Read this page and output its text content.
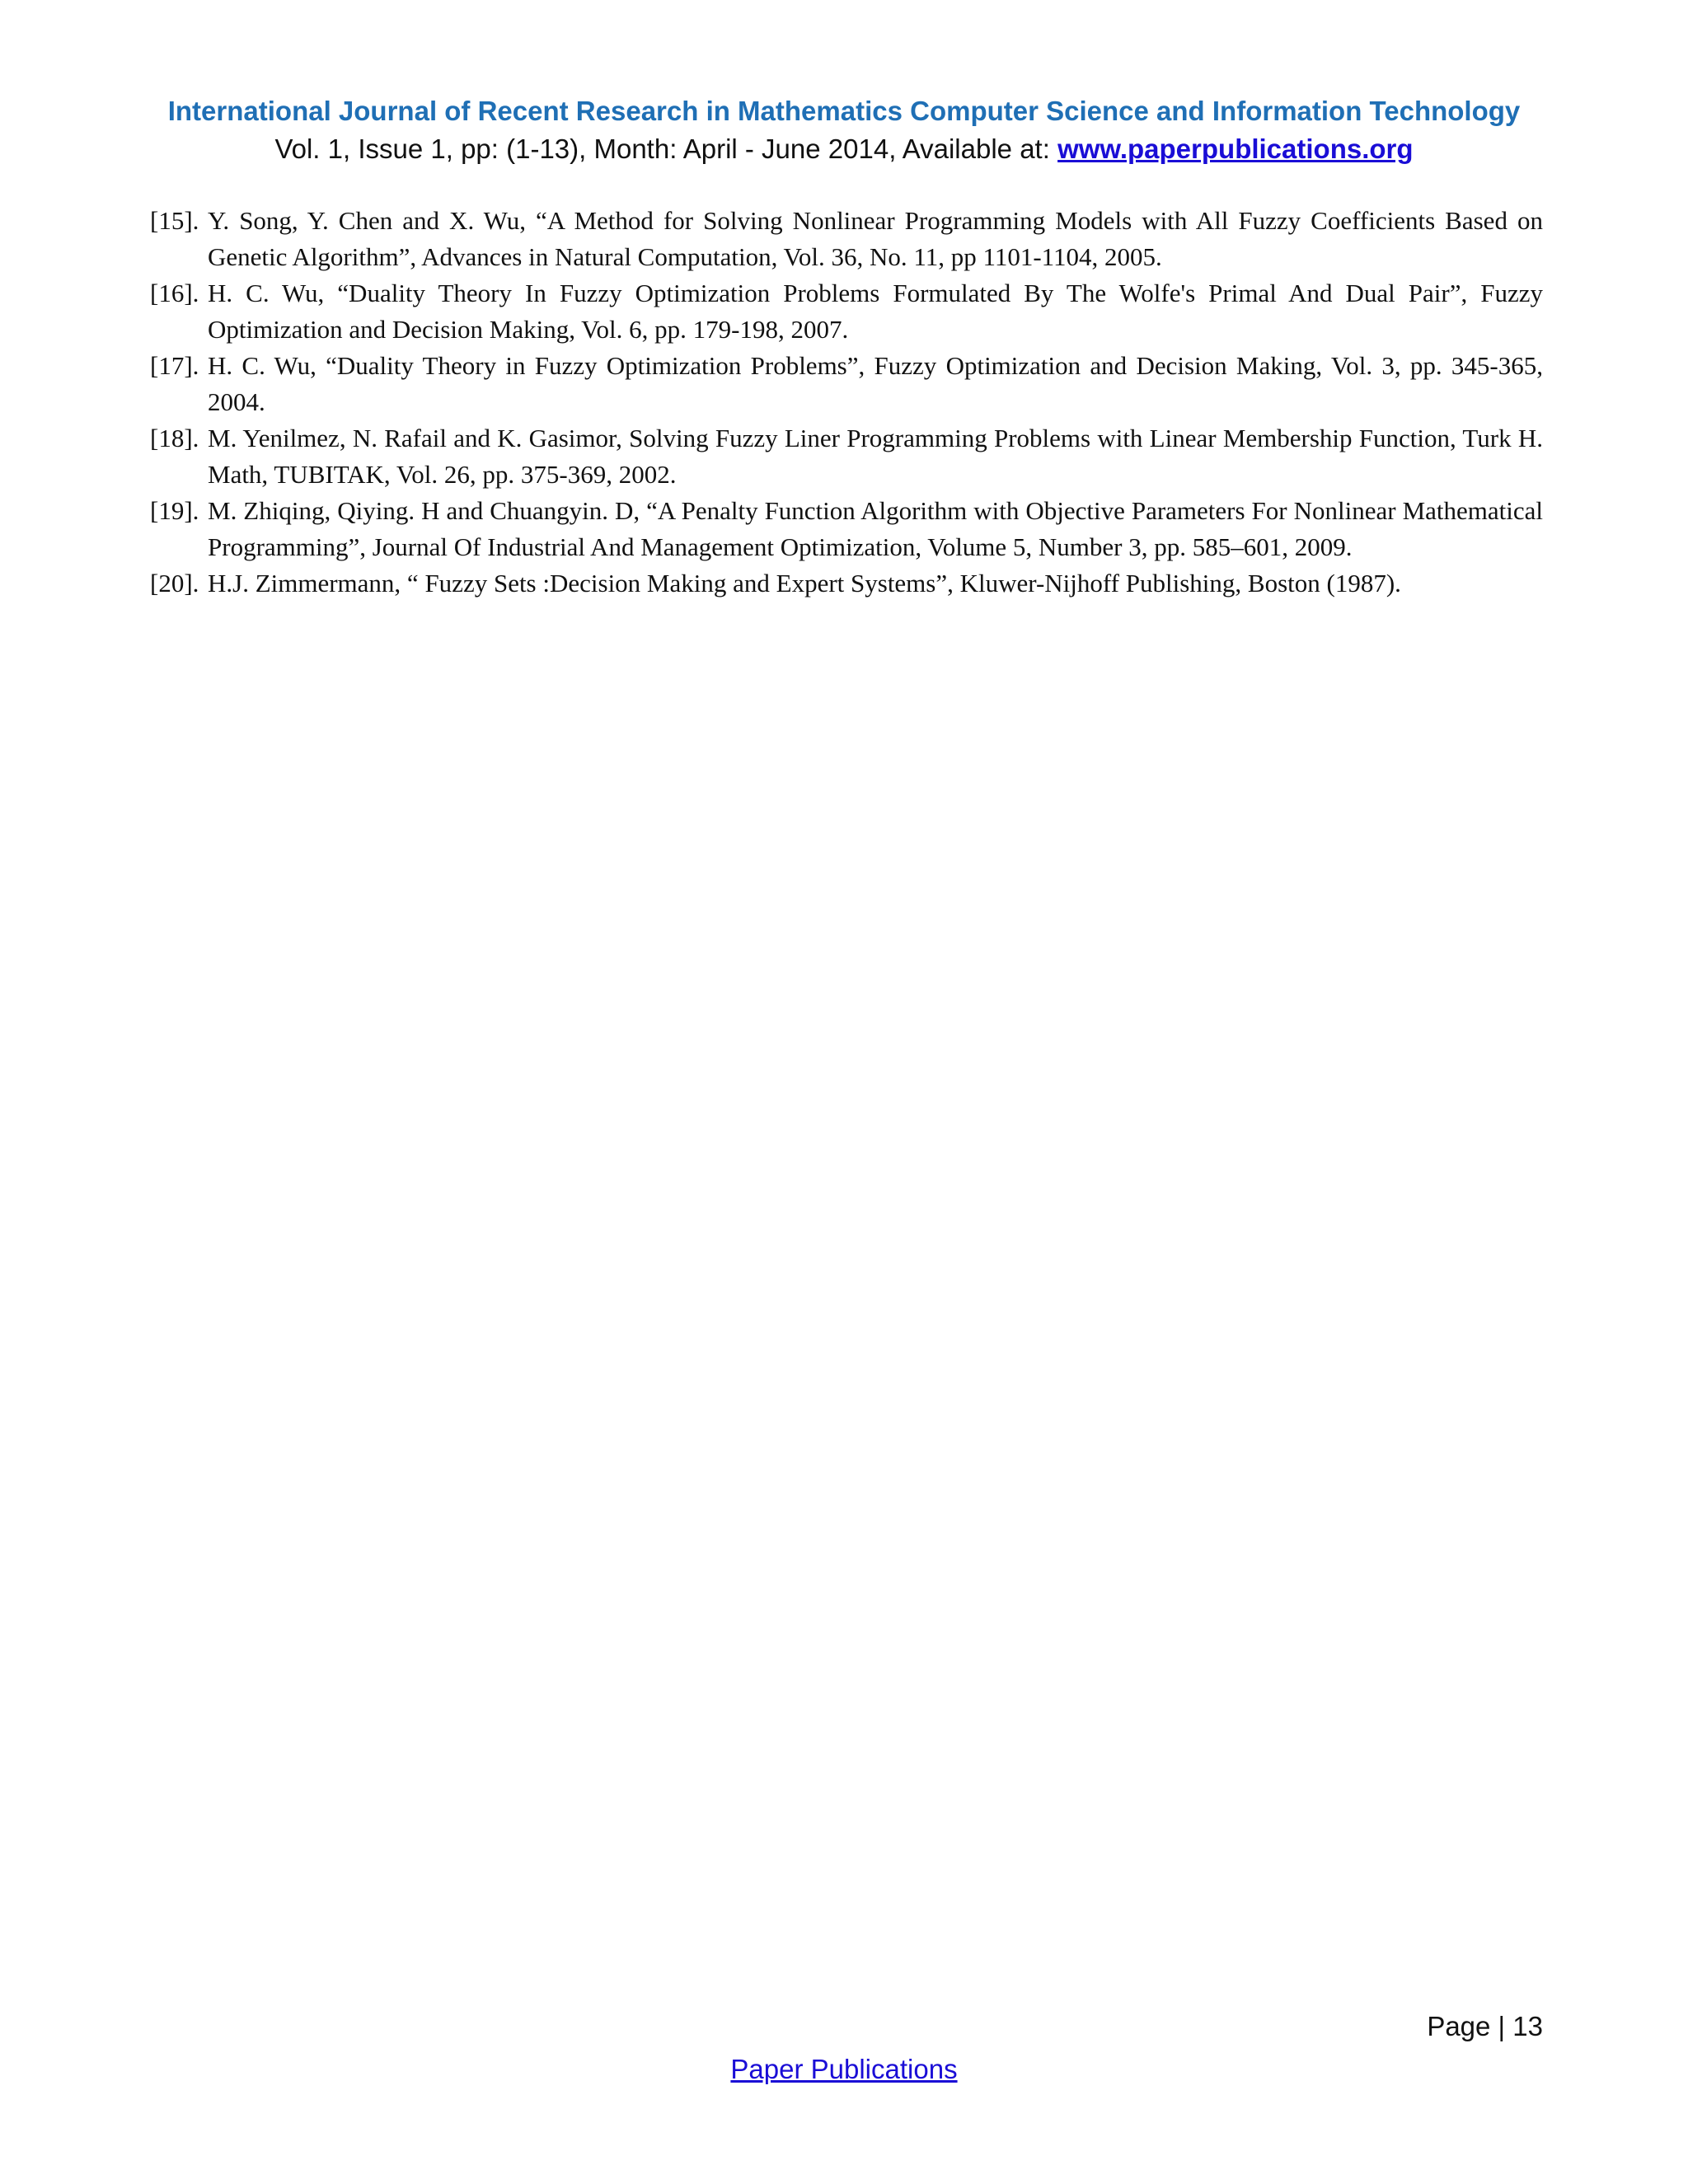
International Journal of Recent Research in Mathematics Computer Science and Information Technology
Vol. 1, Issue 1, pp: (1-13), Month: April - June 2014, Available at: www.paperpublications.org
[15]. Y. Song, Y. Chen and X. Wu, “A Method for Solving Nonlinear Programming Models with All Fuzzy Coefficients Based on Genetic Algorithm”, Advances in Natural Computation, Vol. 36, No. 11, pp 1101-1104, 2005.
[16]. H. C. Wu, “Duality Theory In Fuzzy Optimization Problems Formulated By The Wolfe's Primal And Dual Pair”, Fuzzy Optimization and Decision Making, Vol. 6, pp. 179-198, 2007.
[17]. H. C. Wu, “Duality Theory in Fuzzy Optimization Problems”, Fuzzy Optimization and Decision Making, Vol. 3, pp. 345-365, 2004.
[18]. M. Yenilmez, N. Rafail and K. Gasimor, Solving Fuzzy Liner Programming Problems with Linear Membership Function, Turk H. Math, TUBITAK, Vol. 26, pp. 375-369, 2002.
[19]. M. Zhiqing, Qiying. H and Chuangyin. D, “A Penalty Function Algorithm with Objective Parameters For Nonlinear Mathematical Programming”, Journal Of Industrial And Management Optimization, Volume 5, Number 3, pp. 585–601, 2009.
[20]. H.J. Zimmermann, “ Fuzzy Sets :Decision Making and Expert Systems”, Kluwer-Nijhoff Publishing, Boston (1987).
Page | 13
Paper Publications
